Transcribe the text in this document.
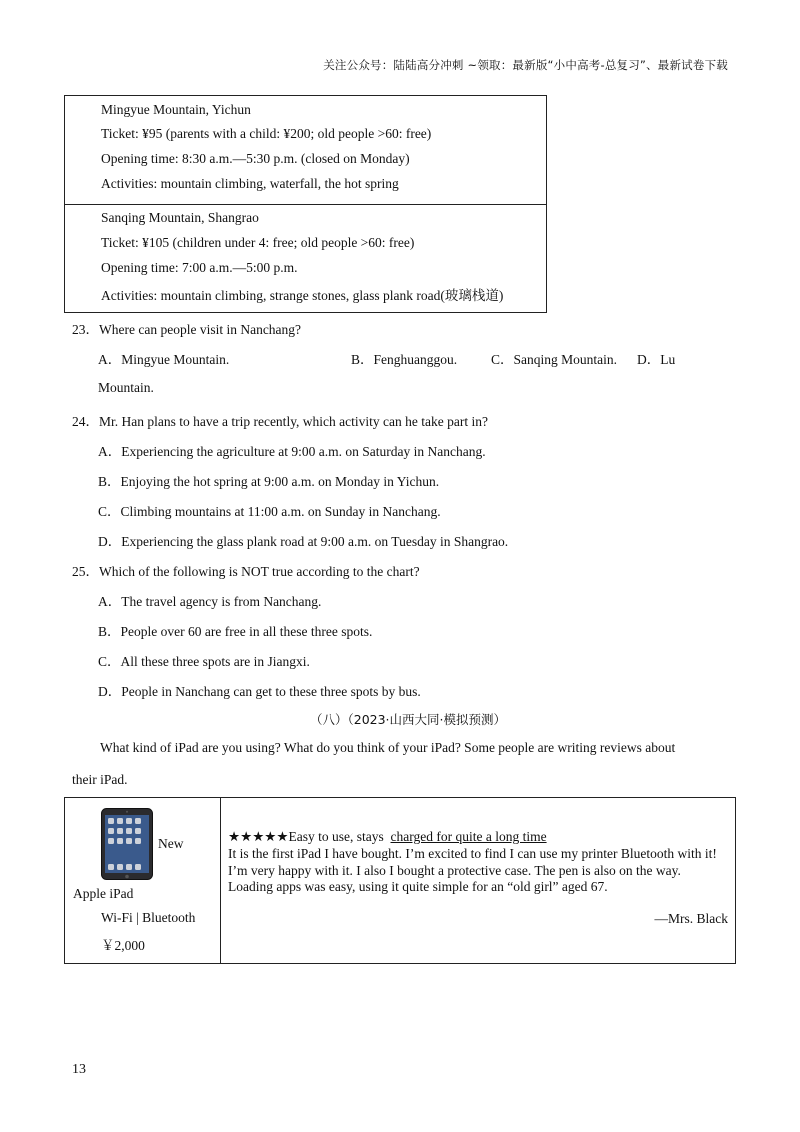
关注公众号：陆陆高分冲刺 ~领取：最新版“小中高考-总复习”、最新试卷下载
Mingyue Mountain, Yichun
Ticket: ¥95 (parents with a child: ¥200; old people >60: free)
Opening time: 8:30 a.m.—5:30 p.m. (closed on Monday)
Activities: mountain climbing, waterfall, the hot spring
Sanqing Mountain, Shangrao
Ticket: ¥105 (children under 4: free; old people >60: free)
Opening time: 7:00 a.m.—5:00 p.m.
Activities: mountain climbing, strange stones, glass plank road(玻璃栈道)
23．Where can people visit in Nanchang?
A．Mingyue Mountain.	B．Fenghuanggou.	C．Sanqing Mountain. D．Lu
Mountain.
24．Mr. Han plans to have a trip recently, which activity can he take part in?
A．Experiencing the agriculture at 9:00 a.m. on Saturday in Nanchang.
B．Enjoying the hot spring at 9:00 a.m. on Monday in Yichun.
C．Climbing mountains at 11:00 a.m. on Sunday in Nanchang.
D．Experiencing the glass plank road at 9:00 a.m. on Tuesday in Shangrao.
25．Which of the following is NOT true according to the chart?
A．The travel agency is from Nanchang.
B．People over 60 are free in all these three spots.
C．All these three spots are in Jiangxi.
D．People in Nanchang can get to these three spots by bus.
（八）（2023·山西大同·模拟预测）
What kind of iPad are you using? What do you think of your iPad? Some people are writing reviews about
their iPad.
New
Apple iPad
Wi-Fi | Bluetooth
￥2,000
★★★★★Easy to use, stays charged for quite a long time
It is the first iPad I have bought. I’m excited to find I can use my printer Bluetooth with it! I’m very happy with it. I also I bought a protective case. The pen is also on the way. Loading apps was easy, using it quite simple for an “old girl” aged 67.
—Mrs. Black
13
